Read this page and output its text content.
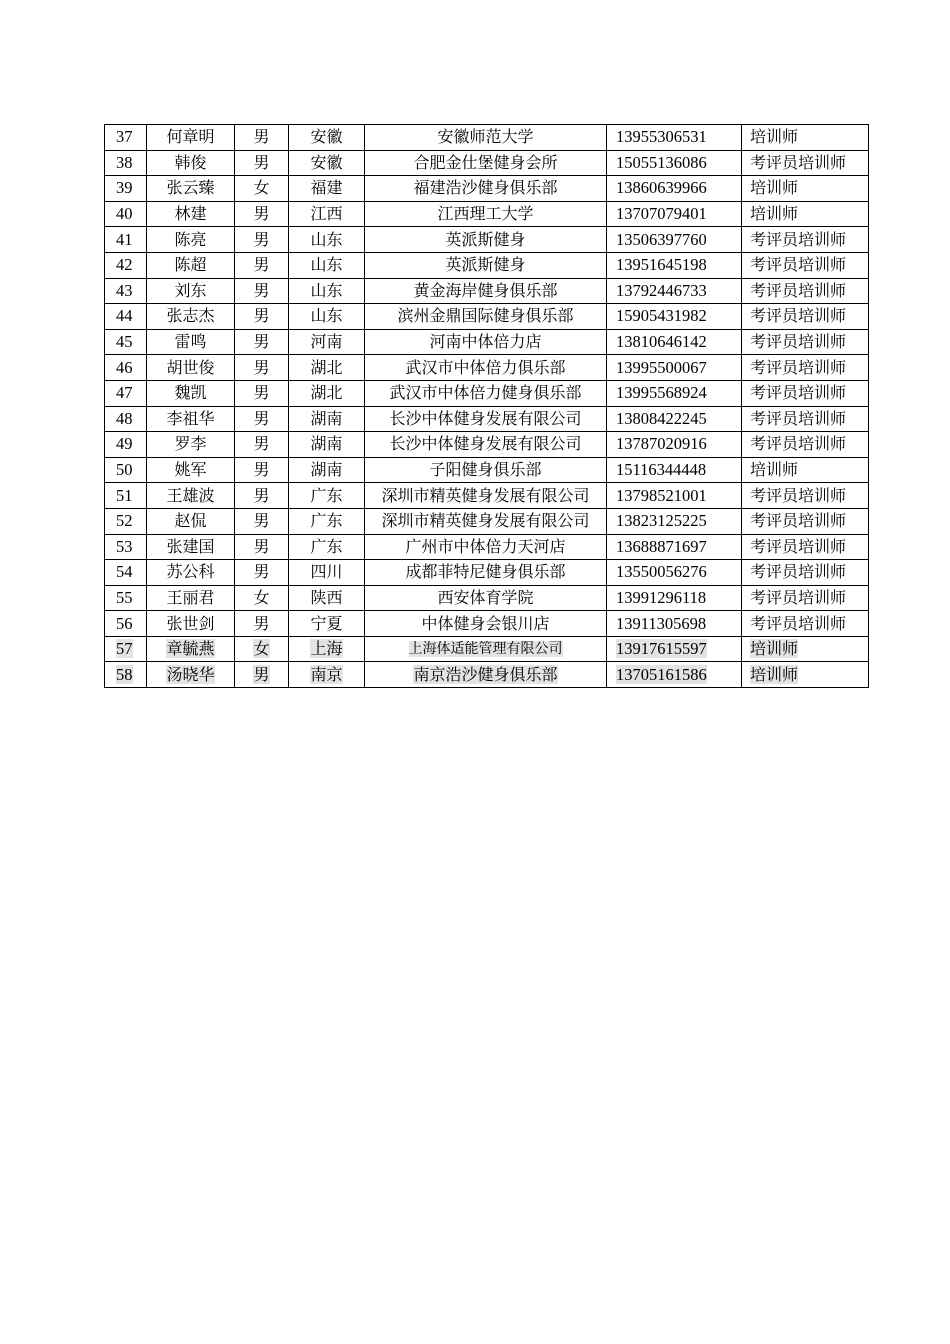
37	何章明	男	安徽	安徽师范大学	13955306531	培训师
38	韩俊	男	安徽	合肥金仕堡健身会所	15055136086	考评员培训师
39	张云臻	女	福建	福建浩沙健身俱乐部	13860639966	培训师
40	林建	男	江西	江西理工大学	13707079401	培训师
41	陈亮	男	山东	英派斯健身	13506397760	考评员培训师
42	陈超	男	山东	英派斯健身	13951645198	考评员培训师
43	刘东	男	山东	黄金海岸健身俱乐部	13792446733	考评员培训师
44	张志杰	男	山东	滨州金鼎国际健身俱乐部	15905431982	考评员培训师
45	雷鸣	男	河南	河南中体倍力店	13810646142	考评员培训师
46	胡世俊	男	湖北	武汉市中体倍力俱乐部	13995500067	考评员培训师
47	魏凯	男	湖北	武汉市中体倍力健身俱乐部	13995568924	考评员培训师
48	李祖华	男	湖南	长沙中体健身发展有限公司	13808422245	考评员培训师
49	罗李	男	湖南	长沙中体健身发展有限公司	13787020916	考评员培训师
50	姚军	男	湖南	子阳健身俱乐部	15116344448	培训师
51	王雄波	男	广东	深圳市精英健身发展有限公司	13798521001	考评员培训师
52	赵侃	男	广东	深圳市精英健身发展有限公司	13823125225	考评员培训师
53	张建国	男	广东	广州市中体倍力天河店	13688871697	考评员培训师
54	苏公科	男	四川	成都菲特尼健身俱乐部	13550056276	考评员培训师
55	王丽君	女	陕西	西安体育学院	13991296118	考评员培训师
56	张世剑	男	宁夏	中体健身会银川店	13911305698	考评员培训师
57	章毓燕	女	上海	上海体适能管理有限公司	13917615597	培训师
58	汤晓华	男	南京	南京浩沙健身俱乐部	13705161586	培训师
